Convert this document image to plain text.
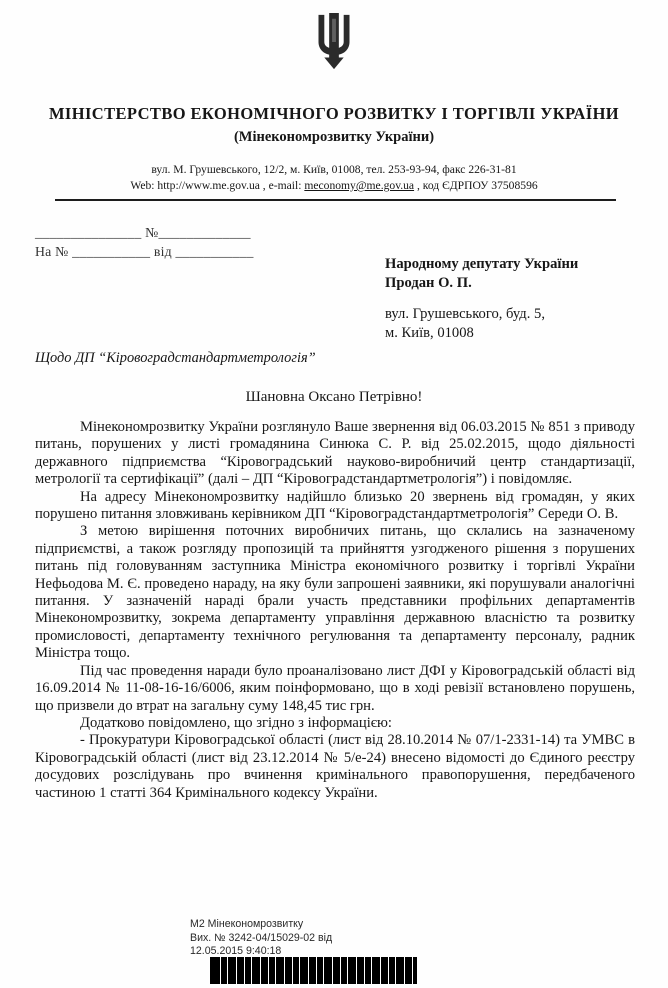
МІНІСТЕРСТВО ЕКОНОМІЧНОГО РОЗВИТКУ І ТОРГІВЛІ УКРАЇНИ
(Мінекономрозвитку України)
вул. М. Грушевського, 12/2, м. Київ, 01008, тел. 253-93-94, факс 226-31-81
Web: http://www.me.gov.ua , e-mail: meconomy@me.gov.ua , код ЄДРПОУ 37508596
_______________ №_____________
На № ___________ від ___________
Народному депутату України
Продан О. П.
вул. Грушевського, буд. 5,
м. Київ, 01008
Щодо ДП “Кіровоградстандартметрологія”
Шановна Оксано Петрівно!

Мінекономрозвитку України розглянуло Ваше звернення від 06.03.2015 № 851 з приводу питань, порушених у листі громадянина Синюка С. Р. від 25.02.2015, щодо діяльності державного підприємства “Кіровоградський науково-виробничий центр стандартизації, метрології та сертифікації” (далі – ДП “Кіровоградстандартметрологія”) і повідомляє.

На адресу Мінекономрозвитку надійшло близько 20 звернень від громадян, у яких порушено питання зловживань керівником ДП “Кіровоградстандартметрологія” Середи О. В.

З метою вирішення поточних виробничих питань, що склались на зазначеному підприємстві, а також розгляду пропозицій та прийняття узгодженого рішення з порушених питань під головуванням заступника Міністра економічного розвитку і торгівлі України Нефьодова М. Є. проведено нараду, на яку були запрошені заявники, які порушували аналогічні питання. У зазначеній нараді брали участь представники профільних департаментів Мінекономрозвитку, зокрема департаменту управління державною власністю та розвитку промисловості, департаменту технічного регулювання та департаменту персоналу, радник Міністра тощо.

Під час проведення наради було проаналізовано лист ДФІ у Кіровоградській області від 16.09.2014 № 11-08-16-16/6006, яким поінформовано, що в ході ревізії встановлено порушень, що призвели до втрат на загальну суму 148,45 тис грн.

Додатково повідомлено, що згідно з інформацією:

- Прокуратури Кіровоградської області (лист від 28.10.2014 № 07/1-2331-14) та УМВС в Кіровоградській області (лист від 23.12.2014 № 5/е-24) внесено відомості до Єдиного реєстру досудових розслідувань про вчинення кримінального правопорушення, передбаченого частиною 1 статті 364 Кримінального кодексу України.

М2 Мінекономрозвитку
Вих. № 3242-04/15029-02 від
12.05.2015 9:40:18
